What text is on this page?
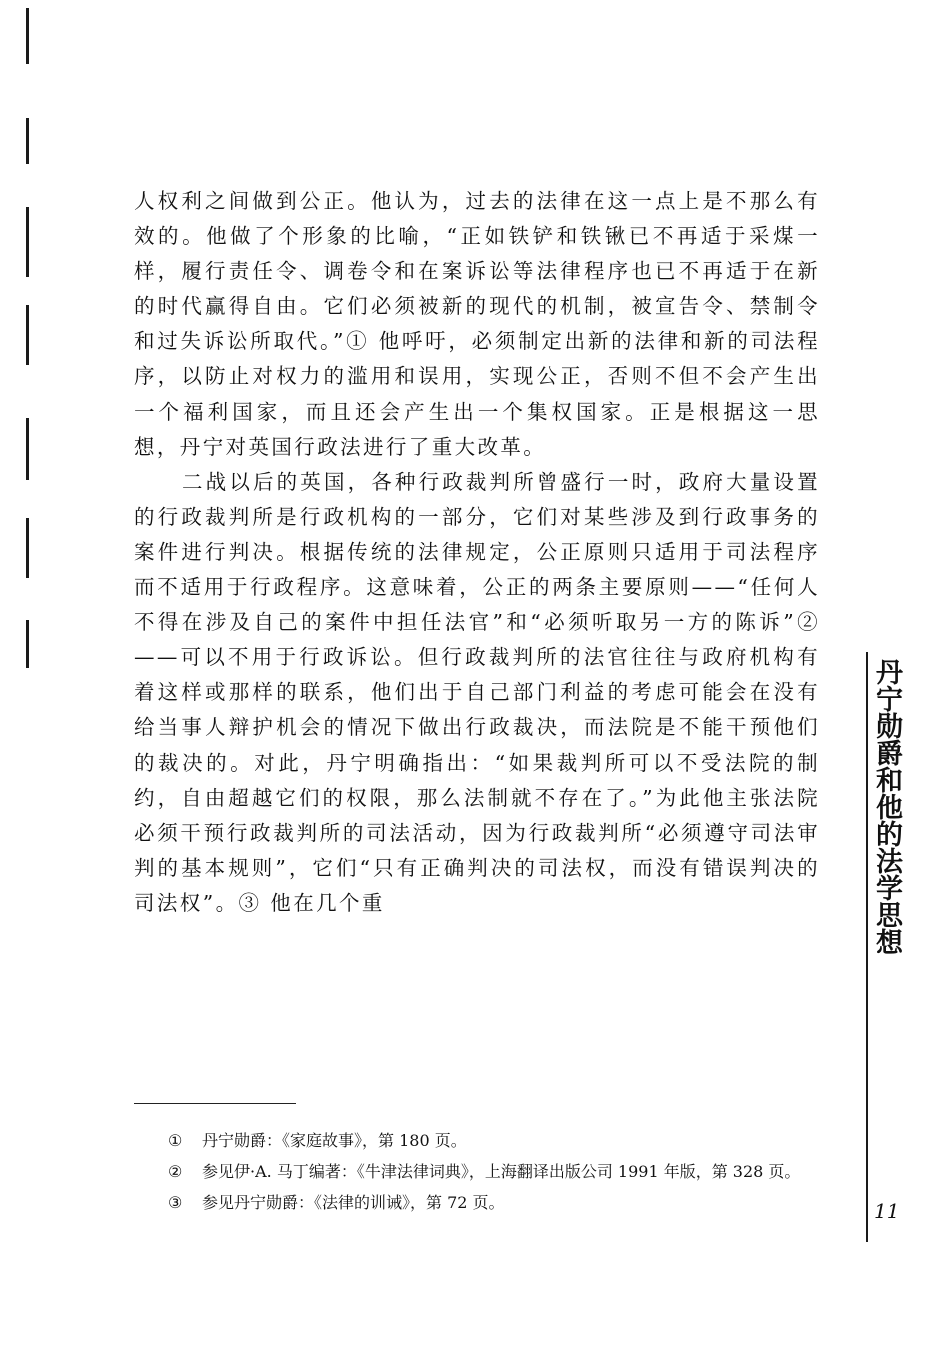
人权利之间做到公正。他认为，过去的法律在这一点上是不那么有效的。他做了个形象的比喻，“正如铁铲和铁锹已不再适于采煤一样，履行责任令、调卷令和在案诉讼等法律程序也已不再适于在新的时代赢得自由。它们必须被新的现代的机制，被宣告令、禁制令和过失诉讼所取代。”① 他呼吁，必须制定出新的法律和新的司法程序，以防止对权力的滥用和误用，实现公正，否则不但不会产生出一个福利国家，而且还会产生出一个集权国家。正是根据这一思想，丹宁对英国行政法进行了重大改革。

二战以后的英国，各种行政裁判所曾盛行一时，政府大量设置的行政裁判所是行政机构的一部分，它们对某些涉及到行政事务的案件进行判决。根据传统的法律规定，公正原则只适用于司法程序而不适用于行政程序。这意味着，公正的两条主要原则——“任何人不得在涉及自己的案件中担任法官”和“必须听取另一方的陈诉”② ——可以不用于行政诉讼。但行政裁判所的法官往往与政府机构有着这样或那样的联系，他们出于自己部门利益的考虑可能会在没有给当事人辩护机会的情况下做出行政裁决，而法院是不能干预他们的裁决的。对此，丹宁明确指出：“如果裁判所可以不受法院的制约，自由超越它们的权限，那么法制就不存在了。”为此他主张法院必须干预行政裁判所的司法活动，因为行政裁判所“必须遵守司法审判的基本规则”，它们“只有正确判决的司法权，而没有错误判决的司法权”。③ 他在几个重

① 丹宁勋爵：《家庭故事》，第 180 页。

② 参见伊·A. 马丁编著：《牛津法律词典》，上海翻译出版公司 1991 年版，第 328 页。

③ 参见丹宁勋爵：《法律的训诫》，第 72 页。

丹宁勋爵和他的法学思想
11
